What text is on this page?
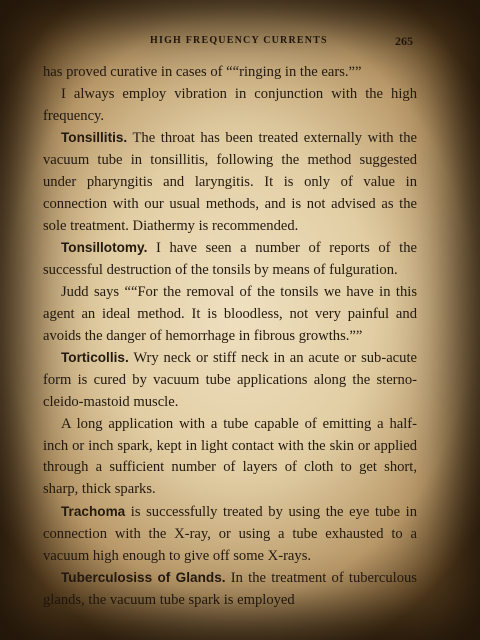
HIGH FREQUENCY CURRENTS	265

has proved curative in cases of ““ringing in the ears.””

I always employ vibration in conjunction with the high frequency.

Tonsillitis. The throat has been treated externally with the vacuum tube in tonsillitis, following the method suggested under pharyngitis and laryngitis. It is only of value in connection with our usual methods, and is not advised as the sole treatment. Diathermy is recommended.

Tonsillotomy. I have seen a number of reports of the successful destruction of the tonsils by means of fulguration.

Judd says ““For the removal of the tonsils we have in this agent an ideal method. It is bloodless, not very painful and avoids the danger of hemorrhage in fibrous growths.””

Torticollis. Wry neck or stiff neck in an acute or sub-acute form is cured by vacuum tube applications along the sterno-cleido-mastoid muscle.

A long application with a tube capable of emitting a half-inch or inch spark, kept in light contact with the skin or applied through a sufficient number of layers of cloth to get short, sharp, thick sparks.

Trachoma is successfully treated by using the eye tube in connection with the X-ray, or using a tube exhausted to a vacuum high enough to give off some X-rays.

Tuberculosiss of Glands. In the treatment of tuberculous glands, the vacuum tube spark is employed
